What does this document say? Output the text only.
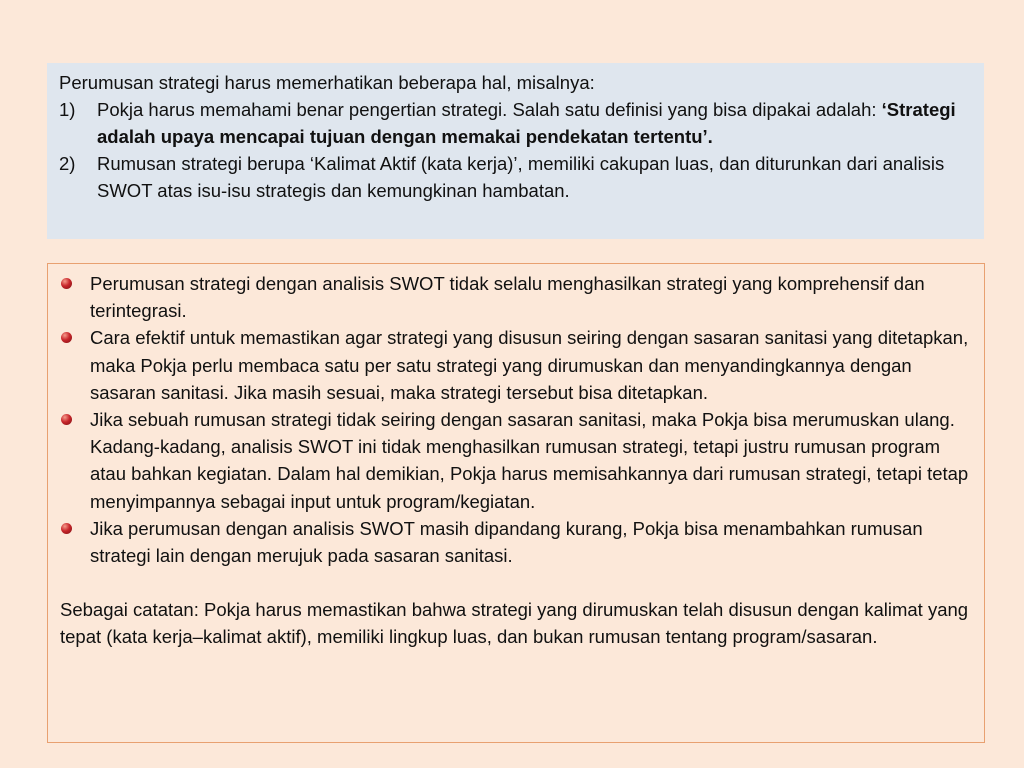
Perumusan strategi harus memerhatikan beberapa hal, misalnya:

1) Pokja harus memahami benar pengertian strategi. Salah satu definisi yang bisa dipakai adalah: ‘Strategi adalah upaya mencapai tujuan dengan memakai pendekatan tertentu’.
2) Rumusan strategi berupa ‘Kalimat Aktif (kata kerja)’, memiliki cakupan luas, dan diturunkan dari analisis SWOT atas isu-isu strategis dan kemungkinan hambatan.
Perumusan strategi dengan analisis SWOT tidak selalu menghasilkan strategi yang komprehensif dan terintegrasi.
Cara efektif untuk memastikan agar strategi yang disusun seiring dengan sasaran sanitasi yang ditetapkan, maka Pokja perlu membaca satu per satu strategi yang dirumuskan dan menyandingkannya dengan sasaran sanitasi. Jika masih sesuai, maka strategi tersebut bisa ditetapkan.
Jika sebuah rumusan strategi tidak seiring dengan sasaran sanitasi, maka Pokja bisa merumuskan ulang. Kadang-kadang, analisis SWOT ini tidak menghasilkan rumusan strategi, tetapi justru rumusan program atau bahkan kegiatan. Dalam hal demikian, Pokja harus memisahkannya dari rumusan strategi, tetapi tetap menyimpannya sebagai input untuk program/kegiatan.
Jika perumusan dengan analisis SWOT masih dipandang kurang, Pokja bisa menambahkan rumusan strategi lain dengan merujuk pada sasaran sanitasi.
Sebagai catatan: Pokja harus memastikan bahwa strategi yang dirumuskan telah disusun dengan kalimat yang tepat (kata kerja–kalimat aktif), memiliki lingkup luas, dan bukan rumusan tentang program/sasaran.
